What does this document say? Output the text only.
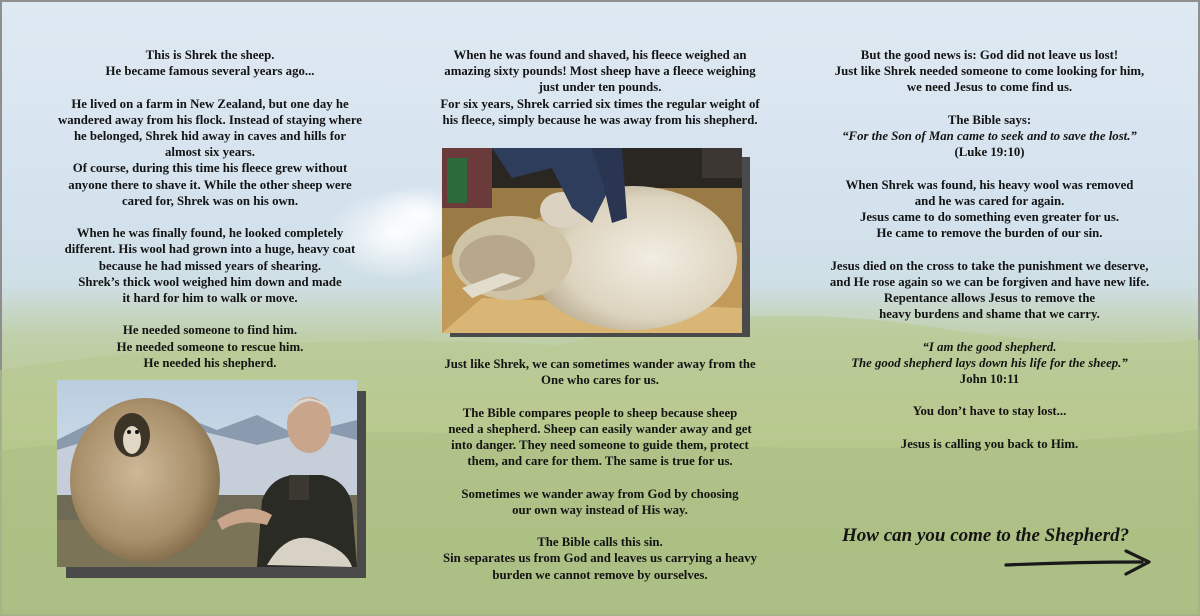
This is Shrek the sheep.
He became famous several years ago...

He lived on a farm in New Zealand, but one day he
wandered away from his flock. Instead of staying where
he belonged, Shrek hid away in caves and hills for
almost six years.
Of course, during this time his fleece grew without
anyone there to shave it. While the other sheep were
cared for, Shrek was on his own.

When he was finally found, he looked completely
different. His wool had grown into a huge, heavy coat
because he had missed years of shearing.
Shrek’s thick wool weighed him down and made
it hard for him to walk or move.

He needed someone to find him.
He needed someone to rescue him.
He needed his shepherd.

When he was found and shaved, his fleece weighed an
amazing sixty pounds! Most sheep have a fleece weighing
just under ten pounds.
For six years, Shrek carried six times the regular weight of
his fleece, simply because he was away from his shepherd.

Just like Shrek, we can sometimes wander away from the
One who cares for us.

The Bible compares people to sheep because sheep
need a shepherd. Sheep can easily wander away and get
into danger. They need someone to guide them, protect
them, and care for them. The same is true for us.

Sometimes we wander away from God by choosing
our own way instead of His way.

The Bible calls this sin.
Sin separates us from God and leaves us carrying a heavy
burden we cannot remove by ourselves.

But the good news is: God did not leave us lost!
Just like Shrek needed someone to come looking for him,
we need Jesus to come find us.

The Bible says:
“For the Son of Man came to seek and to save the lost.”
(Luke 19:10)

When Shrek was found, his heavy wool was removed
and he was cared for again.
Jesus came to do something even greater for us.
He came to remove the burden of our sin.

Jesus died on the cross to take the punishment we deserve,
and He rose again so we can be forgiven and have new life.
Repentance allows Jesus to remove the
heavy burdens and shame that we carry.

“I am the good shepherd.
The good shepherd lays down his life for the sheep.”
John 10:11

You don’t have to stay lost...

Jesus is calling you back to Him.

How can you come to the Shepherd?
